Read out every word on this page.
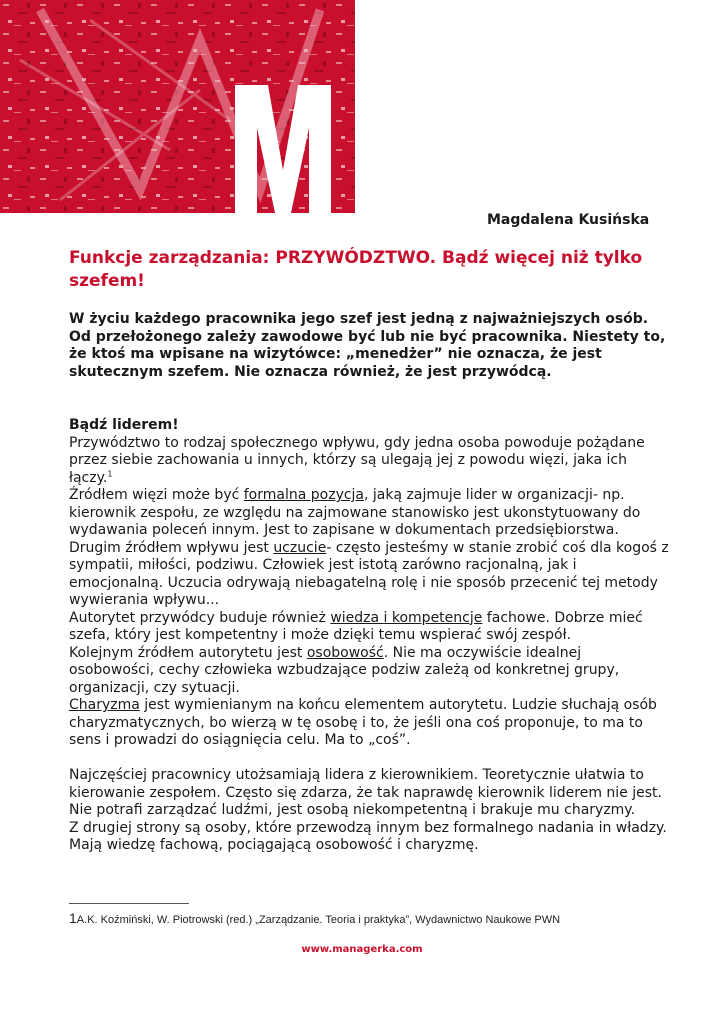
Magdalena Kusińska
Funkcje zarządzania: PRZYWÓDZTWO. Bądź więcej niż tylko szefem!

W życiu każdego pracownika jego szef jest jedną z najważniejszych osób. Od przełożonego zależy zawodowe być lub nie być pracownika. Niestety to, że ktoś ma wpisane na wizytówce: „menedżer” nie oznacza, że jest skutecznym szefem. Nie oznacza również, że jest przywódcą.

Bądź liderem!

Przywództwo to rodzaj społecznego wpływu, gdy jedna osoba powoduje pożądane przez siebie zachowania u innych, którzy są ulegają jej z powodu więzi, jaka ich łączy.$^1$

Źródłem więzi może być formalna pozycja, jaką zajmuje lider w organizacji- np. kierownik zespołu, ze względu na zajmowane stanowisko jest ukonstytuowany do wydawania poleceń innym. Jest to zapisane w dokumentach przedsiębiorstwa.

Drugim źródłem wpływu jest uczucie- często jesteśmy w stanie zrobić coś dla kogoś z sympatii, miłości, podziwu. Człowiek jest istotą zarówno racjonalną, jak i emocjonalną. Uczucia odrywają niebagatelną rolę i nie sposób przecenić tej metody wywierania wpływu...

Autorytet przywódcy buduje również wiedza i kompetencje fachowe. Dobrze mieć szefa, który jest kompetentny i może dzięki temu wspierać swój zespół.

Kolejnym źródłem autorytetu jest osobowość. Nie ma oczywiście idealnej osobowości, cechy człowieka wzbudzające podziw zależą od konkretnej grupy, organizacji, czy sytuacji.

Charyzma jest wymienianym na końcu elementem autorytetu. Ludzie słuchają osób charyzmatycznych, bo wierzą w tę osobę i to, że jeśli ona coś proponuje, to ma to sens i prowadzi do osiągnięcia celu. Ma to „coś”.

Najczęściej pracownicy utożsamiają lidera z kierownikiem. Teoretycznie ułatwia to kierowanie zespołem. Często się zdarza, że tak naprawdę kierownik liderem nie jest. Nie potrafi zarządzać ludźmi, jest osobą niekompetentną i brakuje mu charyzmy.

Z drugiej strony są osoby, które przewodzą innym bez formalnego nadania in władzy. Mają wiedzę fachową, pociągającą osobowość i charyzmę.

1A.K. Koźmiński, W. Piotrowski (red.) „Zarządzanie. Teoria i praktyka”, Wydawnictwo Naukowe PWN
www.managerka.com
